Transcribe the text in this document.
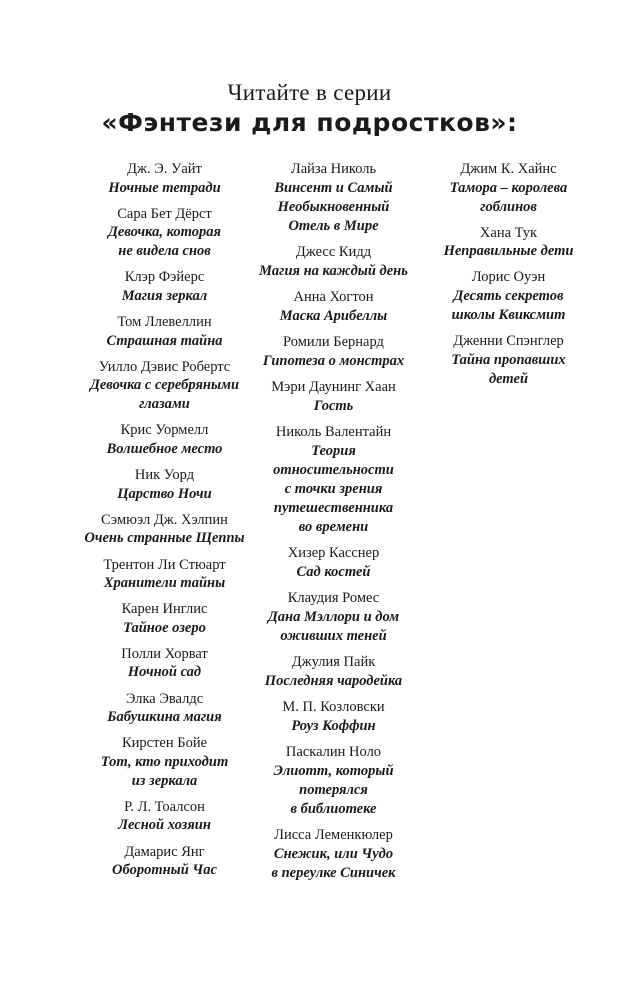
Читайте в серии
«Фэнтези для подростков»:
Дж. Э. Уайт
Ночные тетради
Сара Бет Дёрст
Девочка, которая
не видела снов
Клэр Фэйерс
Магия зеркал
Том Ллевеллин
Страшная тайна
Уилло Дэвис Робертс
Девочка с серебряными
глазами
Крис Уормелл
Волшебное место
Ник Уорд
Царство Ночи
Сэмюэл Дж. Хэлпин
Очень странные Щеппы
Трентон Ли Стюарт
Хранители тайны
Карен Инглис
Тайное озеро
Полли Хорват
Ночной сад
Элка Эвалдс
Бабушкина магия
Кирстен Бойе
Тот, кто приходит
из зеркала
Р. Л. Тоалсон
Лесной хозяин
Дамарис Янг
Оборотный Час
Лайза Николь
Винсент и Самый
Необыкновенный
Отель в Мире
Джесс Кидд
Магия на каждый день
Анна Хогтон
Маска Арибеллы
Ромили Бернард
Гипотеза о монстрах
Мэри Даунинг Хаан
Гость
Николь Валентайн
Теория
относительности
с точки зрения
путешественника
во времени
Хизер Касснер
Сад костей
Клаудия Ромес
Дана Мэллори и дом
оживших теней
Джулия Пайк
Последняя чародейка
М. П. Козловски
Роуз Коффин
Паскалин Ноло
Элиотт, который
потерялся
в библиотеке
Лисса Леменкюлер
Снежик, или Чудо
в переулке Синичек
Джим К. Хайнс
Тамора – королева
гоблинов
Хана Тук
Неправильные дети
Лорис Оуэн
Десять секретов
школы Квиксмит
Дженни Спэнглер
Тайна пропавших
детей
